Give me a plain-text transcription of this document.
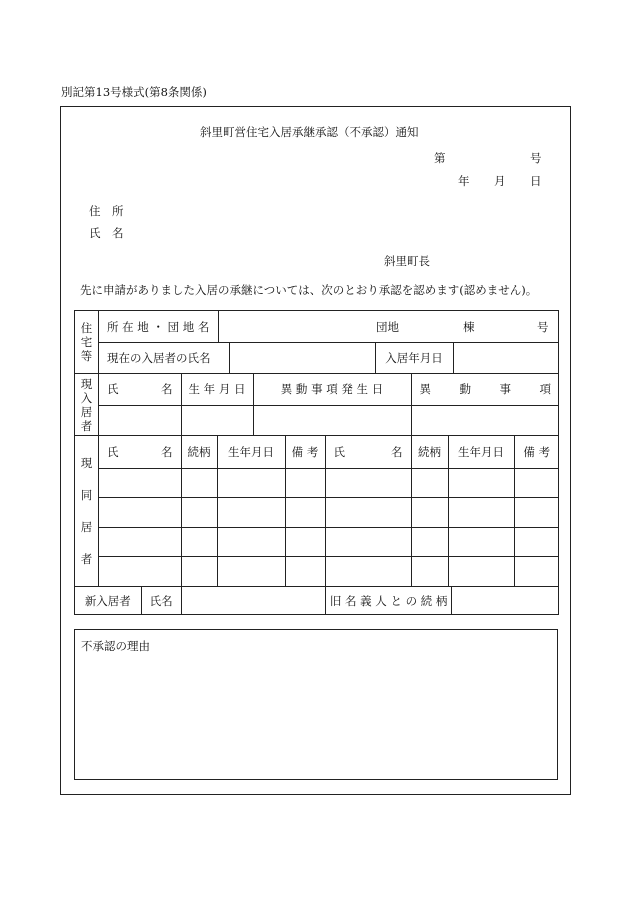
別記第13号様式(第8条関係)
斜里町営住宅入居承継承認（不承認）通知
第	号
年 月 日
住　所
氏　名
斜里町長
先に申請がありました入居の承継については、次のとおり承認を認めます(認めません)。
住
宅
等	所 在 地 ・ 団 地 名	団地	棟	号

現在の入居者の氏名		入居年月日	

現
入
居
者	
氏	名	生 年 月 日	異 動 事 項 発 生 日	異 動 事 項

現
同
居
者	
氏	名	続柄	生年月日	備 考	氏	名	続柄	生年月日	備 考

新入居者	氏名		旧 名 義 人 と の 続 柄	
不承認の理由
